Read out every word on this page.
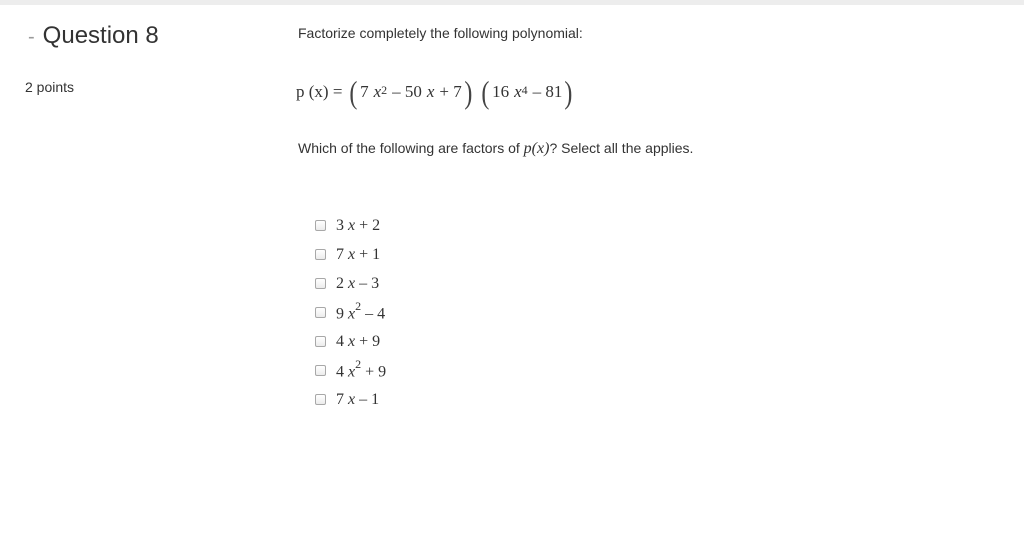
- Question 8
2 points
Factorize completely the following polynomial:
p (x) = ( 7 $x^2 - 50$ x + 7 ) ( 16 $x^4 - 81$ )
Which of the following are factors of p(x)? Select all the applies.
3 x + 2
7 x + 1
2 x – 3
9 $x^2 - 4$
4 x + 9
4 $x^2 + 9$
7 x – 1
